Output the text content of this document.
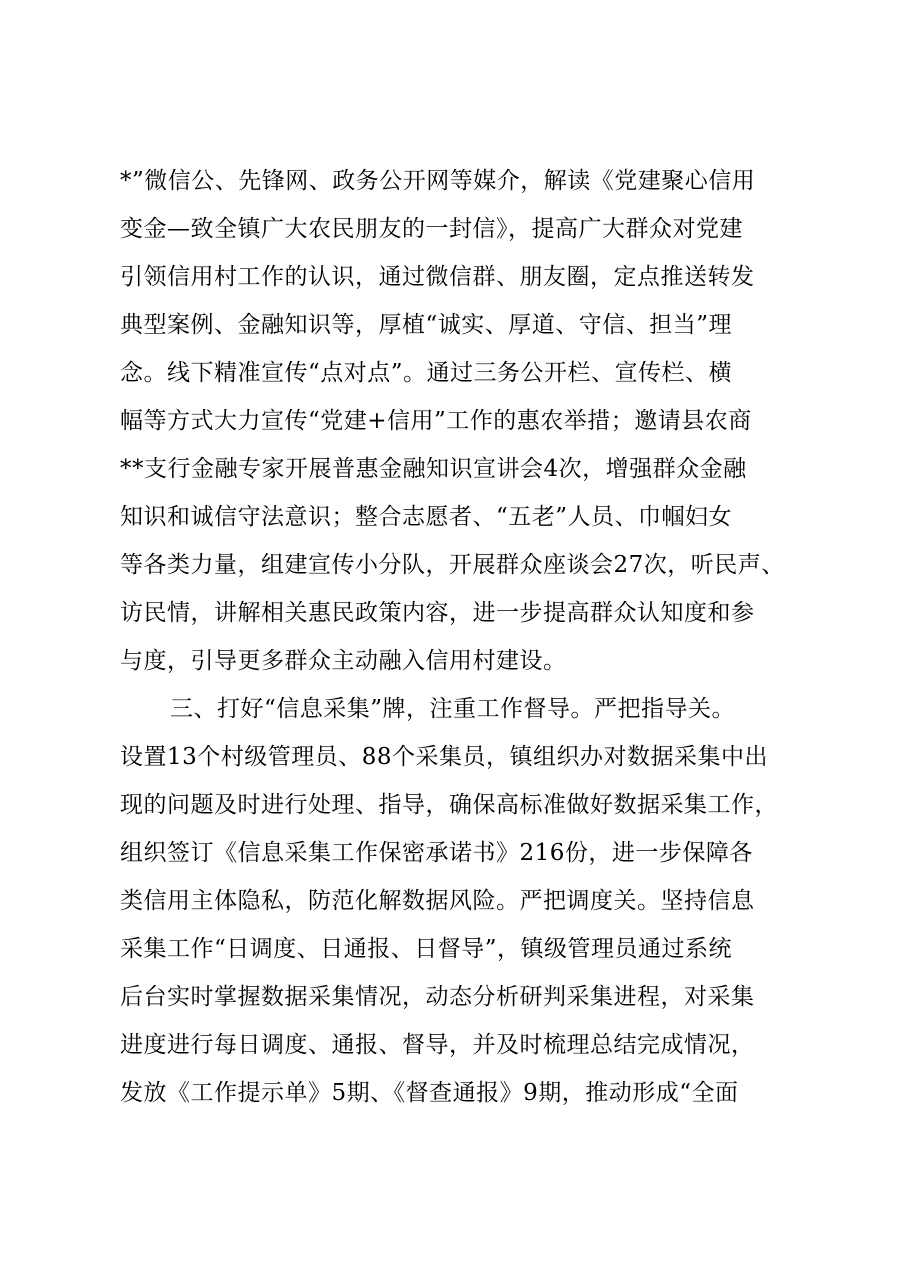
*”微信公、先锋网、政务公开网等媒介，解读《党建聚心信用
变金—致全镇广大农民朋友的一封信》，提高广大群众对党建
引领信用村工作的认识，通过微信群、朋友圈，定点推送转发
典型案例、金融知识等，厚植“诚实、厚道、守信、担当”理
念。线下精准宣传“点对点”。通过三务公开栏、宣传栏、横
幅等方式大力宣传“党建+信用”工作的惠农举措；邀请县农商
**支行金融专家开展普惠金融知识宣讲会4次，增强群众金融
知识和诚信守法意识；整合志愿者、“五老”人员、巾帼妇女
等各类力量，组建宣传小分队，开展群众座谈会27次，听民声、
访民情，讲解相关惠民政策内容，进一步提高群众认知度和参
与度，引导更多群众主动融入信用村建设。
三、打好“信息采集”牌，注重工作督导。严把指导关。
设置13个村级管理员、88个采集员，镇组织办对数据采集中出
现的问题及时进行处理、指导，确保高标准做好数据采集工作，
组织签订《信息采集工作保密承诺书》216份，进一步保障各
类信用主体隐私，防范化解数据风险。严把调度关。坚持信息
采集工作“日调度、日通报、日督导”，镇级管理员通过系统
后台实时掌握数据采集情况，动态分析研判采集进程，对采集
进度进行每日调度、通报、督导，并及时梳理总结完成情况，
发放《工作提示单》5期、《督查通报》9期，推动形成“全面
